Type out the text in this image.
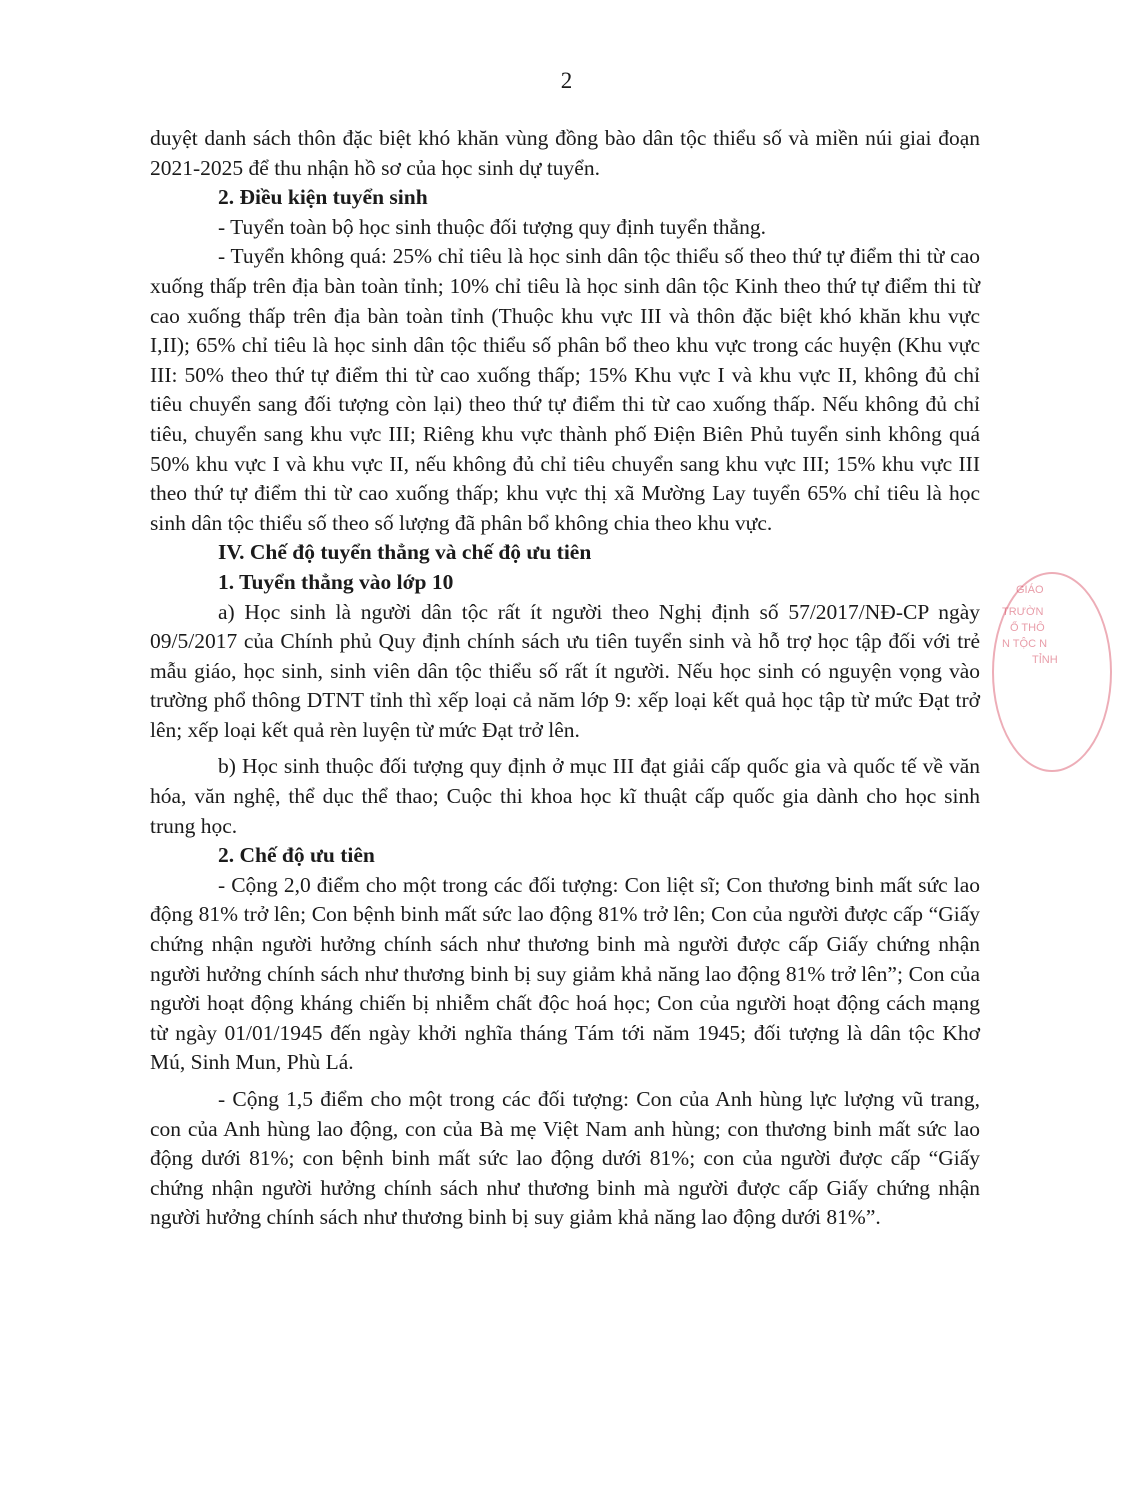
2

duyệt danh sách thôn đặc biệt khó khăn vùng đồng bào dân tộc thiểu số và miền núi giai đoạn 2021-2025 để thu nhận hồ sơ của học sinh dự tuyển.

2. Điều kiện tuyển sinh

- Tuyển toàn bộ học sinh thuộc đối tượng quy định tuyển thẳng.

- Tuyển không quá: 25% chỉ tiêu là học sinh dân tộc thiểu số theo thứ tự điểm thi từ cao xuống thấp trên địa bàn toàn tỉnh; 10% chỉ tiêu là học sinh dân tộc Kinh theo thứ tự điểm thi từ cao xuống thấp trên địa bàn toàn tỉnh (Thuộc khu vực III và thôn đặc biệt khó khăn khu vực I,II); 65% chỉ tiêu là học sinh dân tộc thiểu số phân bổ theo khu vực trong các huyện (Khu vực III: 50% theo thứ tự điểm thi từ cao xuống thấp; 15% Khu vực I và khu vực II, không đủ chỉ tiêu chuyển sang đối tượng còn lại) theo thứ tự điểm thi từ cao xuống thấp. Nếu không đủ chỉ tiêu, chuyển sang khu vực III; Riêng khu vực thành phố Điện Biên Phủ tuyển sinh không quá 50% khu vực I và khu vực II, nếu không đủ chỉ tiêu chuyển sang khu vực III; 15% khu vực III theo thứ tự điểm thi từ cao xuống thấp; khu vực thị xã Mường Lay tuyển 65% chỉ tiêu là học sinh dân tộc thiểu số theo số lượng đã phân bổ không chia theo khu vực.

IV. Chế độ tuyển thẳng và chế độ ưu tiên

1. Tuyển thẳng vào lớp 10

a) Học sinh là người dân tộc rất ít người theo Nghị định số 57/2017/NĐ-CP ngày 09/5/2017 của Chính phủ Quy định chính sách ưu tiên tuyển sinh và hỗ trợ học tập đối với trẻ mẫu giáo, học sinh, sinh viên dân tộc thiểu số rất ít người. Nếu học sinh có nguyện vọng vào trường phổ thông DTNT tỉnh thì xếp loại cả năm lớp 9: xếp loại kết quả học tập từ mức Đạt trở lên; xếp loại kết quả rèn luyện từ mức Đạt trở lên.

b) Học sinh thuộc đối tượng quy định ở mục III đạt giải cấp quốc gia và quốc tế về văn hóa, văn nghệ, thể dục thể thao; Cuộc thi khoa học kĩ thuật cấp quốc gia dành cho học sinh trung học.

2. Chế độ ưu tiên

- Cộng 2,0 điểm cho một trong các đối tượng: Con liệt sĩ; Con thương binh mất sức lao động 81% trở lên; Con bệnh binh mất sức lao động 81% trở lên; Con của người được cấp “Giấy chứng nhận người hưởng chính sách như thương binh mà người được cấp Giấy chứng nhận người hưởng chính sách như thương binh bị suy giảm khả năng lao động 81% trở lên”; Con của người hoạt động kháng chiến bị nhiễm chất độc hoá học; Con của người hoạt động cách mạng từ ngày 01/01/1945 đến ngày khởi nghĩa tháng Tám tới năm 1945; đối tượng là dân tộc Khơ Mú, Sinh Mun, Phù Lá.

- Cộng 1,5 điểm cho một trong các đối tượng: Con của Anh hùng lực lượng vũ trang, con của Anh hùng lao động, con của Bà mẹ Việt Nam anh hùng; con thương binh mất sức lao động dưới 81%; con bệnh binh mất sức lao động dưới 81%; con của người được cấp “Giấy chứng nhận người hưởng chính sách như thương binh mà người được cấp Giấy chứng nhận người hưởng chính sách như thương binh bị suy giảm khả năng lao động dưới 81%”.

GIÁO
TRƯỜN
Ổ THÔ
N TỘC N
TỈNH
